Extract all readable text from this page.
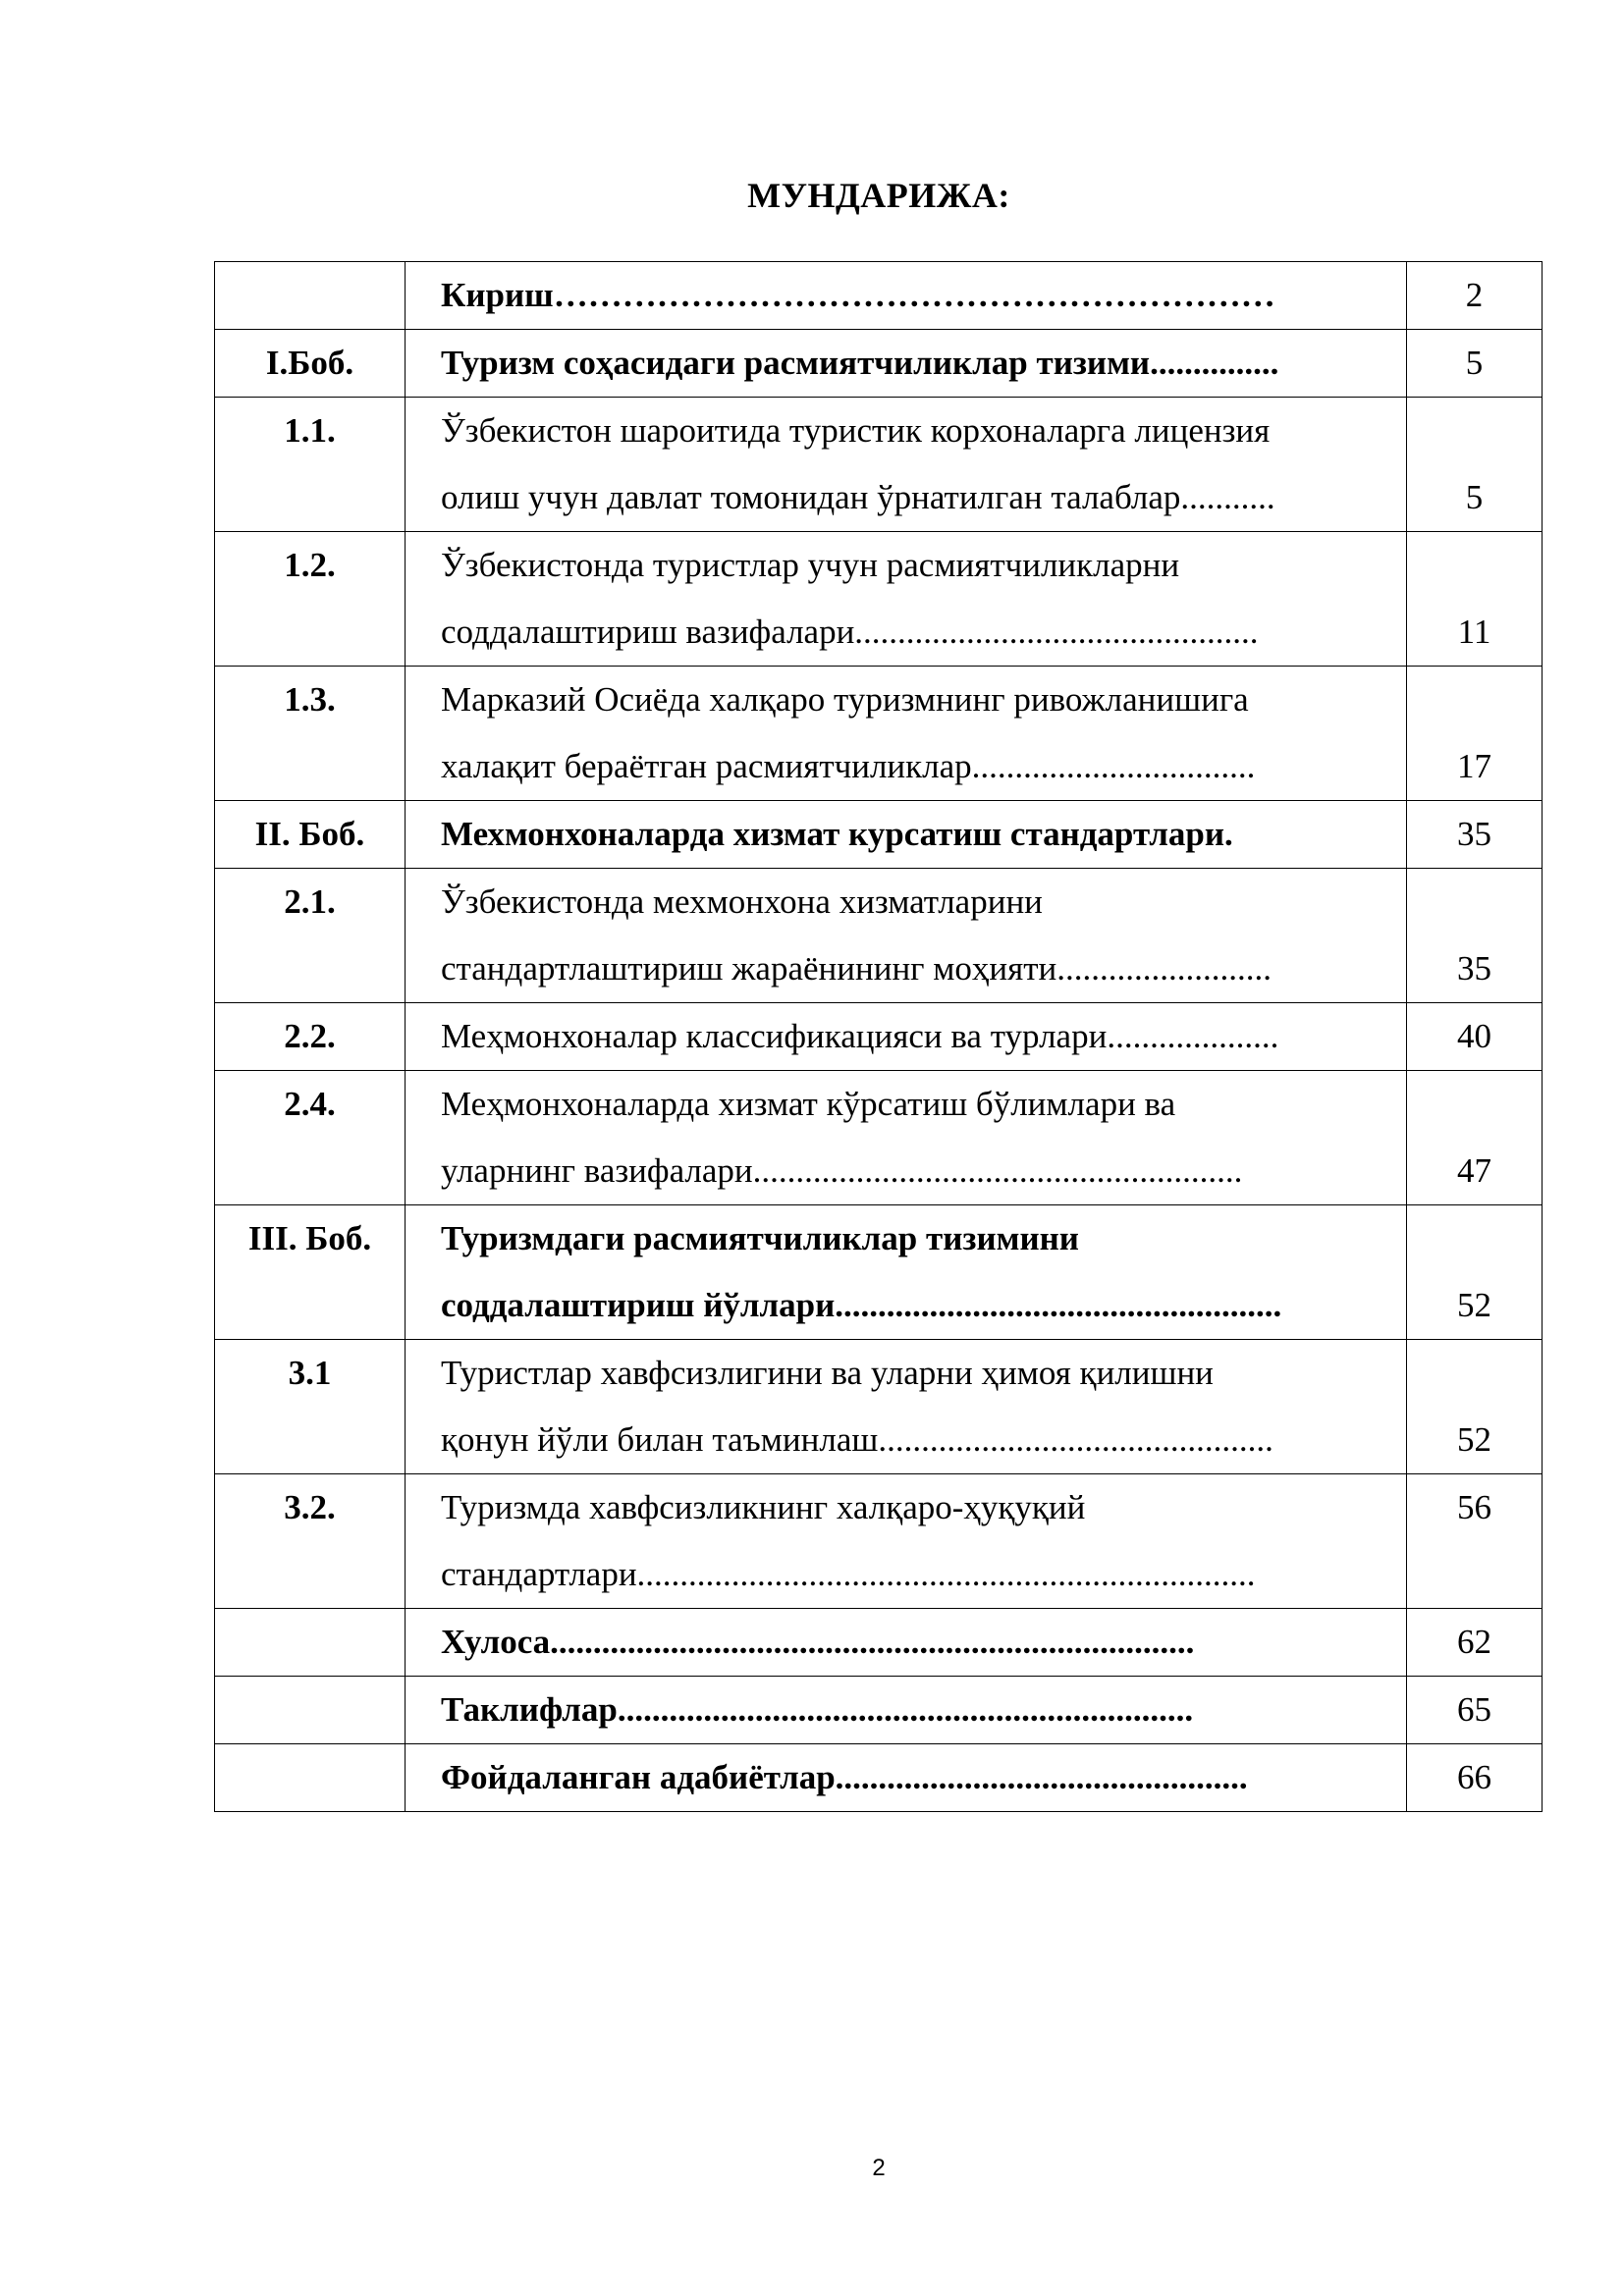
МУНДАРИЖА:

	Кириш………………………………………………………	2
I.Боб.	Туризм соҳасидаги расмиятчиликлар тизими...............	5
1.1.	Ўзбекистон шароитида туристик корхоналарга лицензия
олиш учун давлат томонидан ўрнатилган талаблар...........	5
1.2.	Ўзбекистонда туристлар учун расмиятчиликларни
соддалаштириш вазифалари...............................................	11
1.3.	Марказий Осиёда халқаро туризмнинг ривожланишига
халақит бераётган расмиятчиликлар.................................	17
II. Боб.	Мехмонхоналарда хизмат курсатиш стандартлари.	35
2.1.	Ўзбекистонда мехмонхона хизматларини
стандартлаштириш жараёнининг моҳияти.........................	35
2.2.	Меҳмонхоналар классификацияси ва турлари....................	40
2.4.	Меҳмонхоналарда хизмат кўрсатиш бўлимлари ва
уларнинг вазифалари.........................................................	47
III. Боб.	Туризмдаги расмиятчиликлар тизимини
соддалаштириш йўллари....................................................	52
3.1	Туристлар хавфсизлигини ва уларни ҳимоя қилишни
қонун йўли билан таъминлаш..............................................	52
3.2.	Туризмда хавфсизликнинг халқаро-ҳуқуқий
стандартлари........................................................................	56

	Хулоса...........................................................................	62

	Таклифлар...................................................................	65

	Фойдаланган адабиётлар................................................	66
2
